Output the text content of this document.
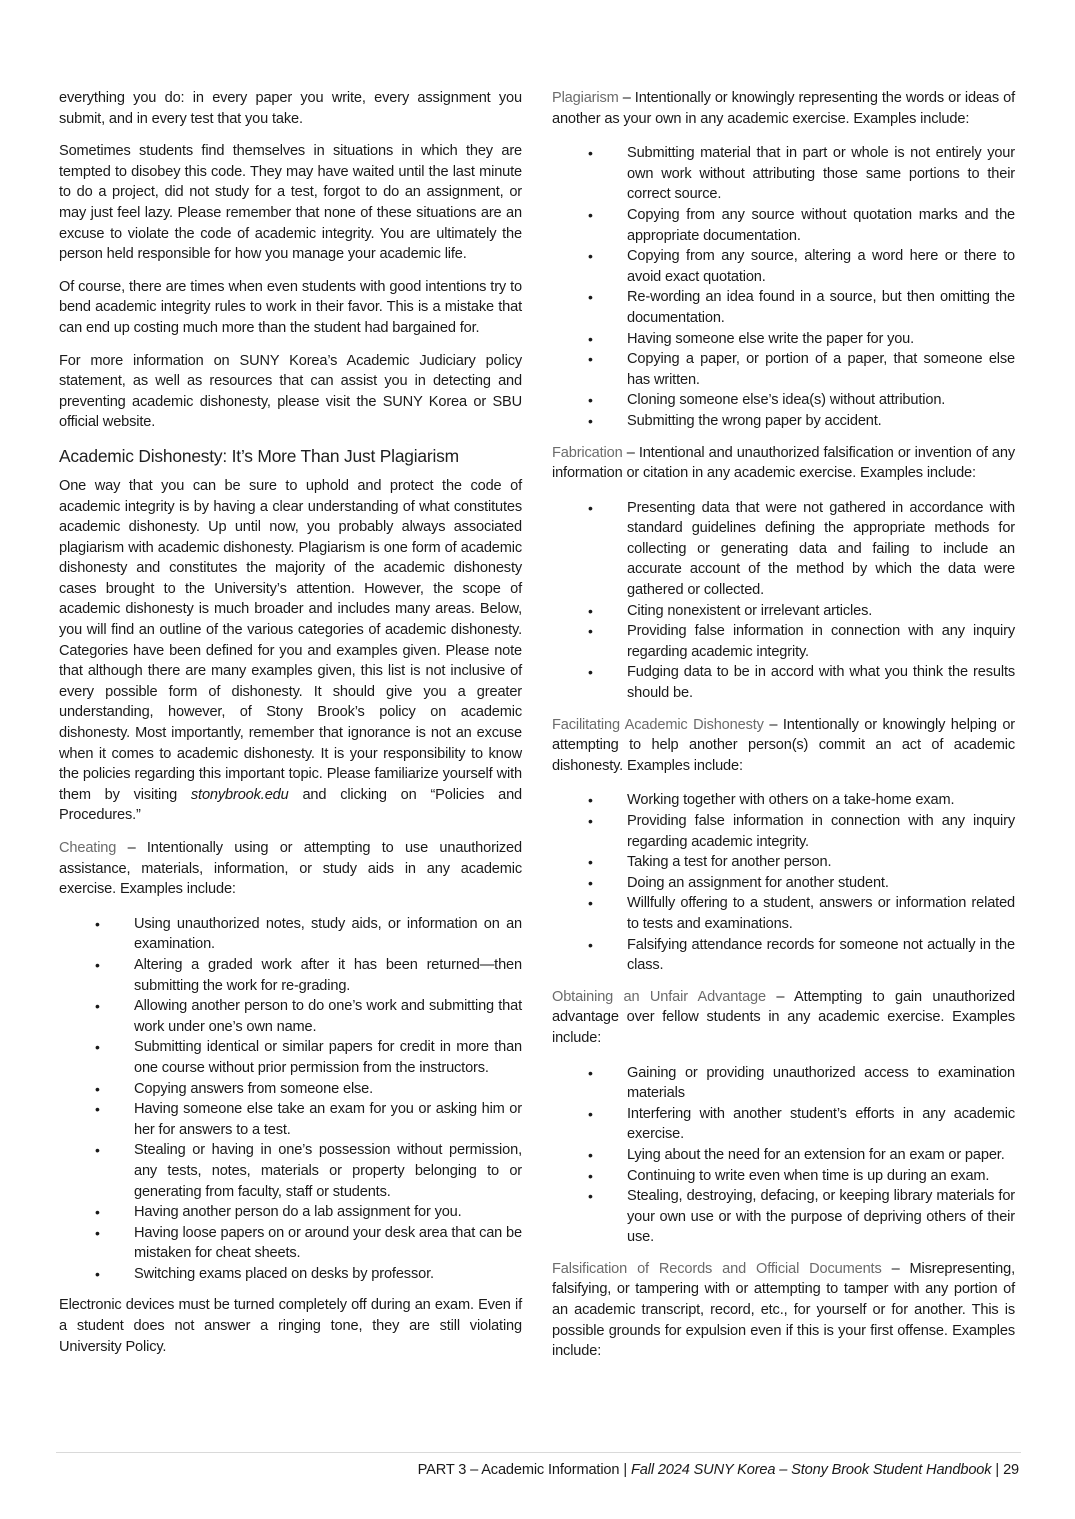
everything you do: in every paper you write, every assignment you submit, and in every test that you take.

Sometimes students find themselves in situations in which they are tempted to disobey this code. They may have waited until the last minute to do a project, did not study for a test, forgot to do an assignment, or may just feel lazy. Please remember that none of these situations are an excuse to violate the code of academic integrity. You are ultimately the person held responsible for how you manage your academic life.

Of course, there are times when even students with good intentions try to bend academic integrity rules to work in their favor. This is a mistake that can end up costing much more than the student had bargained for.

For more information on SUNY Korea’s Academic Judiciary policy statement, as well as resources that can assist you in detecting and preventing academic dishonesty, please visit the SUNY Korea or SBU official website.

Academic Dishonesty: It’s More Than Just Plagiarism

One way that you can be sure to uphold and protect the code of academic integrity is by having a clear understanding of what constitutes academic dishonesty. Up until now, you probably always associated plagiarism with academic dishonesty. Plagiarism is one form of academic dishonesty and constitutes the majority of the academic dishonesty cases brought to the University’s attention. However, the scope of academic dishonesty is much broader and includes many areas. Below, you will find an outline of the various categories of academic dishonesty. Categories have been defined for you and examples given. Please note that although there are many examples given, this list is not inclusive of every possible form of dishonesty. It should give you a greater understanding, however, of Stony Brook’s policy on academic dishonesty. Most importantly, remember that ignorance is not an excuse when it comes to academic dishonesty. It is your responsibility to know the policies regarding this important topic. Please familiarize yourself with them by visiting stonybrook.edu and clicking on “Policies and Procedures.”

Cheating – Intentionally using or attempting to use unauthorized assistance, materials, information, or study aids in any academic exercise. Examples include:

• Using unauthorized notes, study aids, or information on an examination.
• Altering a graded work after it has been returned—then submitting the work for re-grading.
• Allowing another person to do one’s work and submitting that work under one’s own name.
• Submitting identical or similar papers for credit in more than one course without prior permission from the instructors.
• Copying answers from someone else.
• Having someone else take an exam for you or asking him or her for answers to a test.
• Stealing or having in one’s possession without permission, any tests, notes, materials or property belonging to or generating from faculty, staff or students.
• Having another person do a lab assignment for you.
• Having loose papers on or around your desk area that can be mistaken for cheat sheets.
• Switching exams placed on desks by professor.

Electronic devices must be turned completely off during an exam. Even if a student does not answer a ringing tone, they are still violating University Policy.

Plagiarism – Intentionally or knowingly representing the words or ideas of another as your own in any academic exercise. Examples include:

• Submitting material that in part or whole is not entirely your own work without attributing those same portions to their correct source.
• Copying from any source without quotation marks and the appropriate documentation.
• Copying from any source, altering a word here or there to avoid exact quotation.
• Re-wording an idea found in a source, but then omitting the documentation.
• Having someone else write the paper for you.
• Copying a paper, or portion of a paper, that someone else has written.
• Cloning someone else’s idea(s) without attribution.
• Submitting the wrong paper by accident.

Fabrication – Intentional and unauthorized falsification or invention of any information or citation in any academic exercise. Examples include:

• Presenting data that were not gathered in accordance with standard guidelines defining the appropriate methods for collecting or generating data and failing to include an accurate account of the method by which the data were gathered or collected.
• Citing nonexistent or irrelevant articles.
• Providing false information in connection with any inquiry regarding academic integrity.
• Fudging data to be in accord with what you think the results should be.

Facilitating Academic Dishonesty – Intentionally or knowingly helping or attempting to help another person(s) commit an act of academic dishonesty. Examples include:

• Working together with others on a take-home exam.
• Providing false information in connection with any inquiry regarding academic integrity.
• Taking a test for another person.
• Doing an assignment for another student.
• Willfully offering to a student, answers or information related to tests and examinations.
• Falsifying attendance records for someone not actually in the class.

Obtaining an Unfair Advantage – Attempting to gain unauthorized advantage over fellow students in any academic exercise. Examples include:

• Gaining or providing unauthorized access to examination materials
• Interfering with another student’s efforts in any academic exercise.
• Lying about the need for an extension for an exam or paper.
• Continuing to write even when time is up during an exam.
• Stealing, destroying, defacing, or keeping library materials for your own use or with the purpose of depriving others of their use.

Falsification of Records and Official Documents – Misrepresenting, falsifying, or tampering with or attempting to tamper with any portion of an academic transcript, record, etc., for yourself or for another. This is possible grounds for expulsion even if this is your first offense. Examples include:

PART 3 – Academic Information | Fall 2024 SUNY Korea – Stony Brook Student Handbook | 29
